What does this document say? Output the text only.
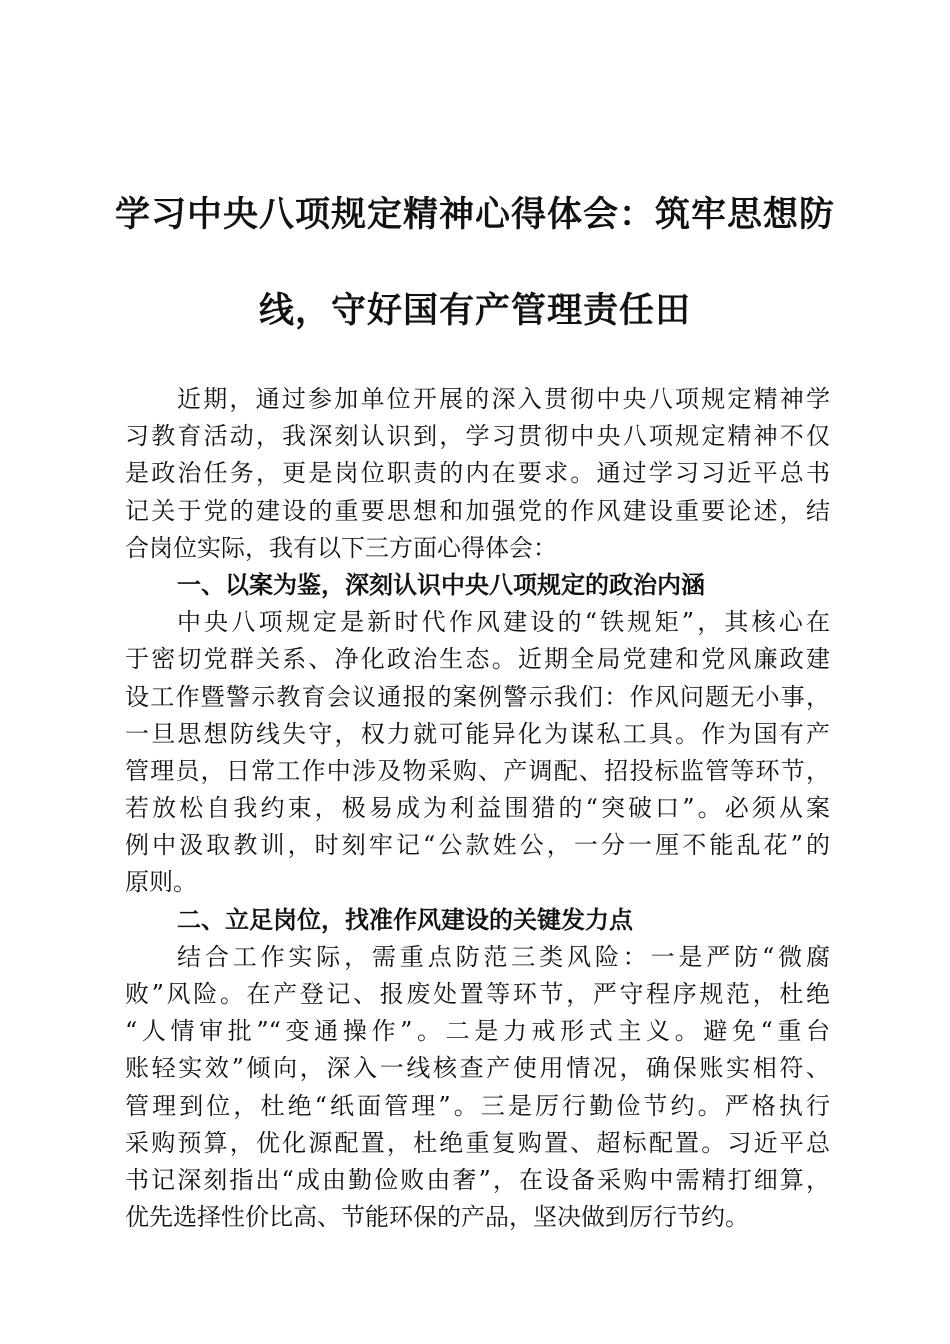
学习中央八项规定精神心得体会：筑牢思想防
线，守好国有产管理责任田
近期，通过参加单位开展的深入贯彻中央八项规定精神学
习教育活动，我深刻认识到，学习贯彻中央八项规定精神不仅
是政治任务，更是岗位职责的内在要求。通过学习习近平总书
记关于党的建设的重要思想和加强党的作风建设重要论述，结
合岗位实际，我有以下三方面心得体会：
一、以案为鉴，深刻认识中央八项规定的政治内涵
中央八项规定是新时代作风建设的“铁规矩”，其核心在
于密切党群关系、净化政治生态。近期全局党建和党风廉政建
设工作暨警示教育会议通报的案例警示我们：作风问题无小事，
一旦思想防线失守，权力就可能异化为谋私工具。作为国有产
管理员，日常工作中涉及物采购、产调配、招投标监管等环节，
若放松自我约束，极易成为利益围猎的“突破口”。必须从案
例中汲取教训，时刻牢记“公款姓公，一分一厘不能乱花”的
原则。
二、立足岗位，找准作风建设的关键发力点
结合工作实际，需重点防范三类风险：一是严防“微腐
败”风险。在产登记、报废处置等环节，严守程序规范，杜绝
“人情审批”“变通操作”。二是力戒形式主义。避免“重台
账轻实效”倾向，深入一线核查产使用情况，确保账实相符、
管理到位，杜绝“纸面管理”。三是厉行勤俭节约。严格执行
采购预算，优化源配置，杜绝重复购置、超标配置。习近平总
书记深刻指出“成由勤俭败由奢”，在设备采购中需精打细算，
优先选择性价比高、节能环保的产品，坚决做到厉行节约。
